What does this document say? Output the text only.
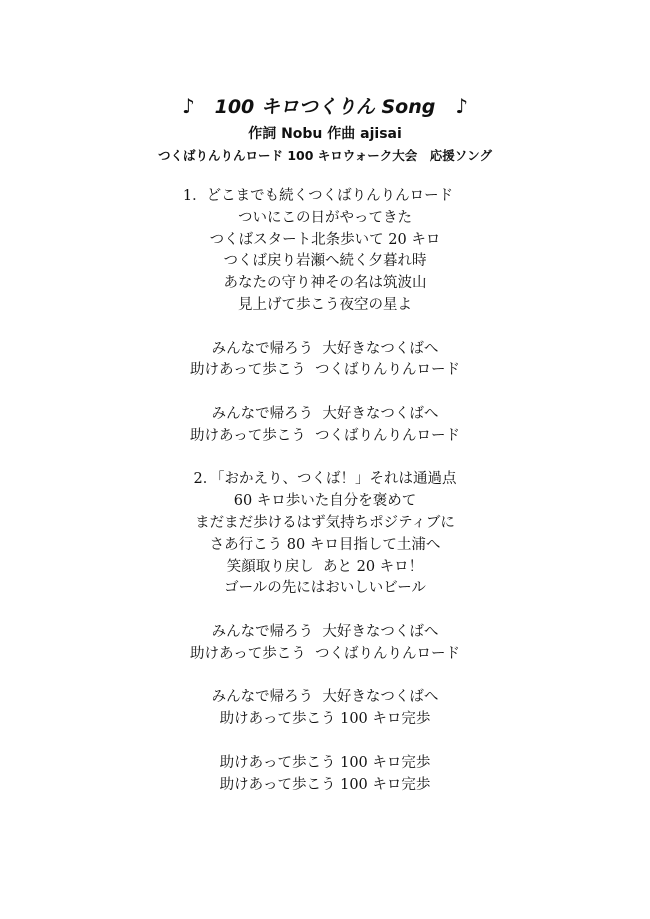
♪ 100 キロつくりん Song ♪
作詞 Nobu 作曲 ajisai
つくばりんりんロード 100 キロウォーク大会　応援ソング
1．どこまでも続くつくばりんりんロード
ついにこの日がやってきた
つくばスタート北条歩いて 20 キロ
つくば戻り岩瀬へ続く夕暮れ時
あなたの守り神その名は筑波山
見上げて歩こう夜空の星よ
みんなで帰ろう  大好きなつくばへ
助けあって歩こう  つくばりんりんロード
みんなで帰ろう  大好きなつくばへ
助けあって歩こう  つくばりんりんロード
2．「おかえり、つくば！」それは通過点
60 キロ歩いた自分を褒めて
まだまだ歩けるはず気持ちポジティブに
さあ行こう 80 キロ目指して土浦へ
笑顔取り戻し  あと 20 キロ！
ゴールの先にはおいしいビール
みんなで帰ろう  大好きなつくばへ
助けあって歩こう  つくばりんりんロード
みんなで帰ろう  大好きなつくばへ
助けあって歩こう 100 キロ完歩
助けあって歩こう 100 キロ完歩
助けあって歩こう 100 キロ完歩
